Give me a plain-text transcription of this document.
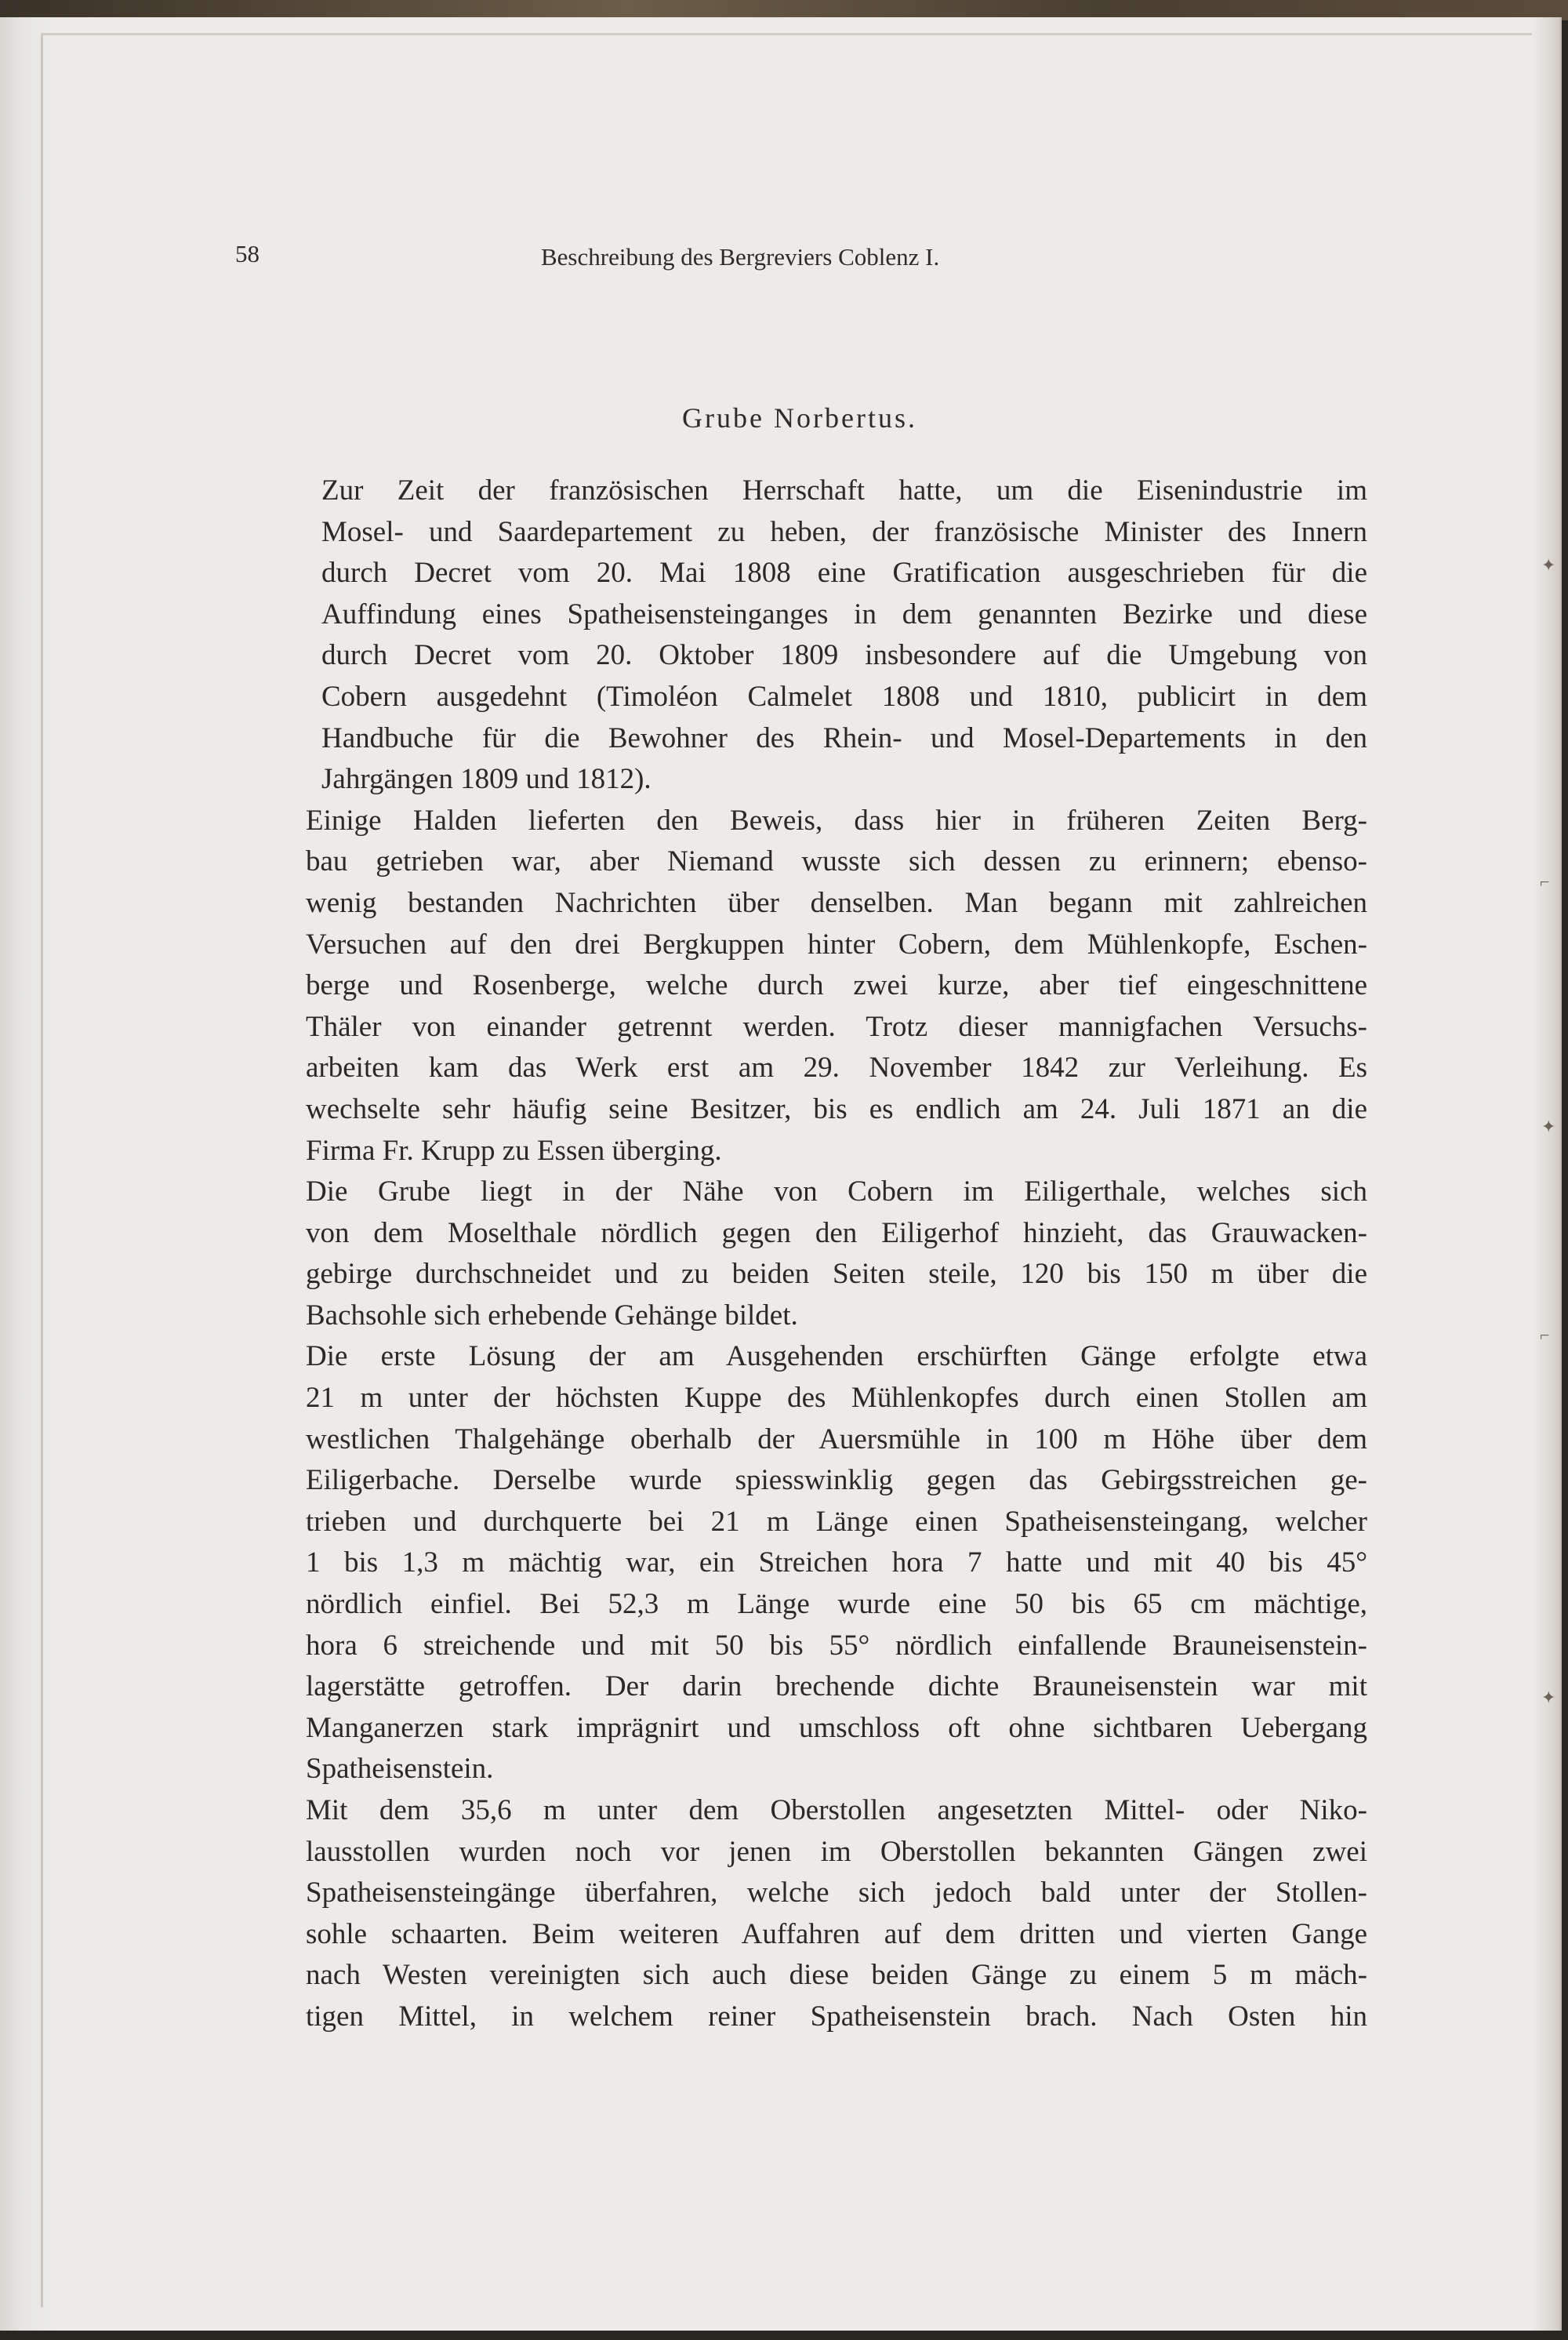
58	Beschreibung des Bergreviers Coblenz I.
Grube Norbertus.

Zur Zeit der französischen Herrschaft hatte, um die Eisenindustrie im
Mosel- und Saardepartement zu heben, der französische Minister des Innern
durch Decret vom 20. Mai 1808 eine Gratification ausgeschrieben für die
Auffindung eines Spatheisensteinganges in dem genannten Bezirke und diese
durch Decret vom 20. Oktober 1809 insbesondere auf die Umgebung von
Cobern ausgedehnt (Timoléon Calmelet 1808 und 1810, publicirt in dem
Handbuche für die Bewohner des Rhein- und Mosel-Departements in den
Jahrgängen 1809 und 1812).

Einige Halden lieferten den Beweis, dass hier in früheren Zeiten Berg-
bau getrieben war, aber Niemand wusste sich dessen zu erinnern; ebenso-
wenig bestanden Nachrichten über denselben. Man begann mit zahlreichen
Versuchen auf den drei Bergkuppen hinter Cobern, dem Mühlenkopfe, Eschen-
berge und Rosenberge, welche durch zwei kurze, aber tief eingeschnittene
Thäler von einander getrennt werden. Trotz dieser mannigfachen Versuchs-
arbeiten kam das Werk erst am 29. November 1842 zur Verleihung. Es
wechselte sehr häufig seine Besitzer, bis es endlich am 24. Juli 1871 an die
Firma Fr. Krupp zu Essen überging.

Die Grube liegt in der Nähe von Cobern im Eiligerthale, welches sich
von dem Moselthale nördlich gegen den Eiligerhof hinzieht, das Grauwacken-
gebirge durchschneidet und zu beiden Seiten steile, 120 bis 150 m über die
Bachsohle sich erhebende Gehänge bildet.

Die erste Lösung der am Ausgehenden erschürften Gänge erfolgte etwa
21 m unter der höchsten Kuppe des Mühlenkopfes durch einen Stollen am
westlichen Thalgehänge oberhalb der Auersmühle in 100 m Höhe über dem
Eiligerbache. Derselbe wurde spiesswinklig gegen das Gebirgsstreichen ge-
trieben und durchquerte bei 21 m Länge einen Spatheisensteingang, welcher
1 bis 1,3 m mächtig war, ein Streichen hora 7 hatte und mit 40 bis 45°
nördlich einfiel. Bei 52,3 m Länge wurde eine 50 bis 65 cm mächtige,
hora 6 streichende und mit 50 bis 55° nördlich einfallende Brauneisenstein-
lagerstätte getroffen. Der darin brechende dichte Brauneisenstein war mit
Manganerzen stark imprägnirt und umschloss oft ohne sichtbaren Uebergang
Spatheisenstein.

Mit dem 35,6 m unter dem Oberstollen angesetzten Mittel- oder Niko-
lausstollen wurden noch vor jenen im Oberstollen bekannten Gängen zwei
Spatheisensteingänge überfahren, welche sich jedoch bald unter der Stollen-
sohle schaarten. Beim weiteren Auffahren auf dem dritten und vierten Gange
nach Westen vereinigten sich auch diese beiden Gänge zu einem 5 m mäch-
tigen Mittel, in welchem reiner Spatheisenstein brach. Nach Osten hin

✦
⌐
✦
⌐
✦
